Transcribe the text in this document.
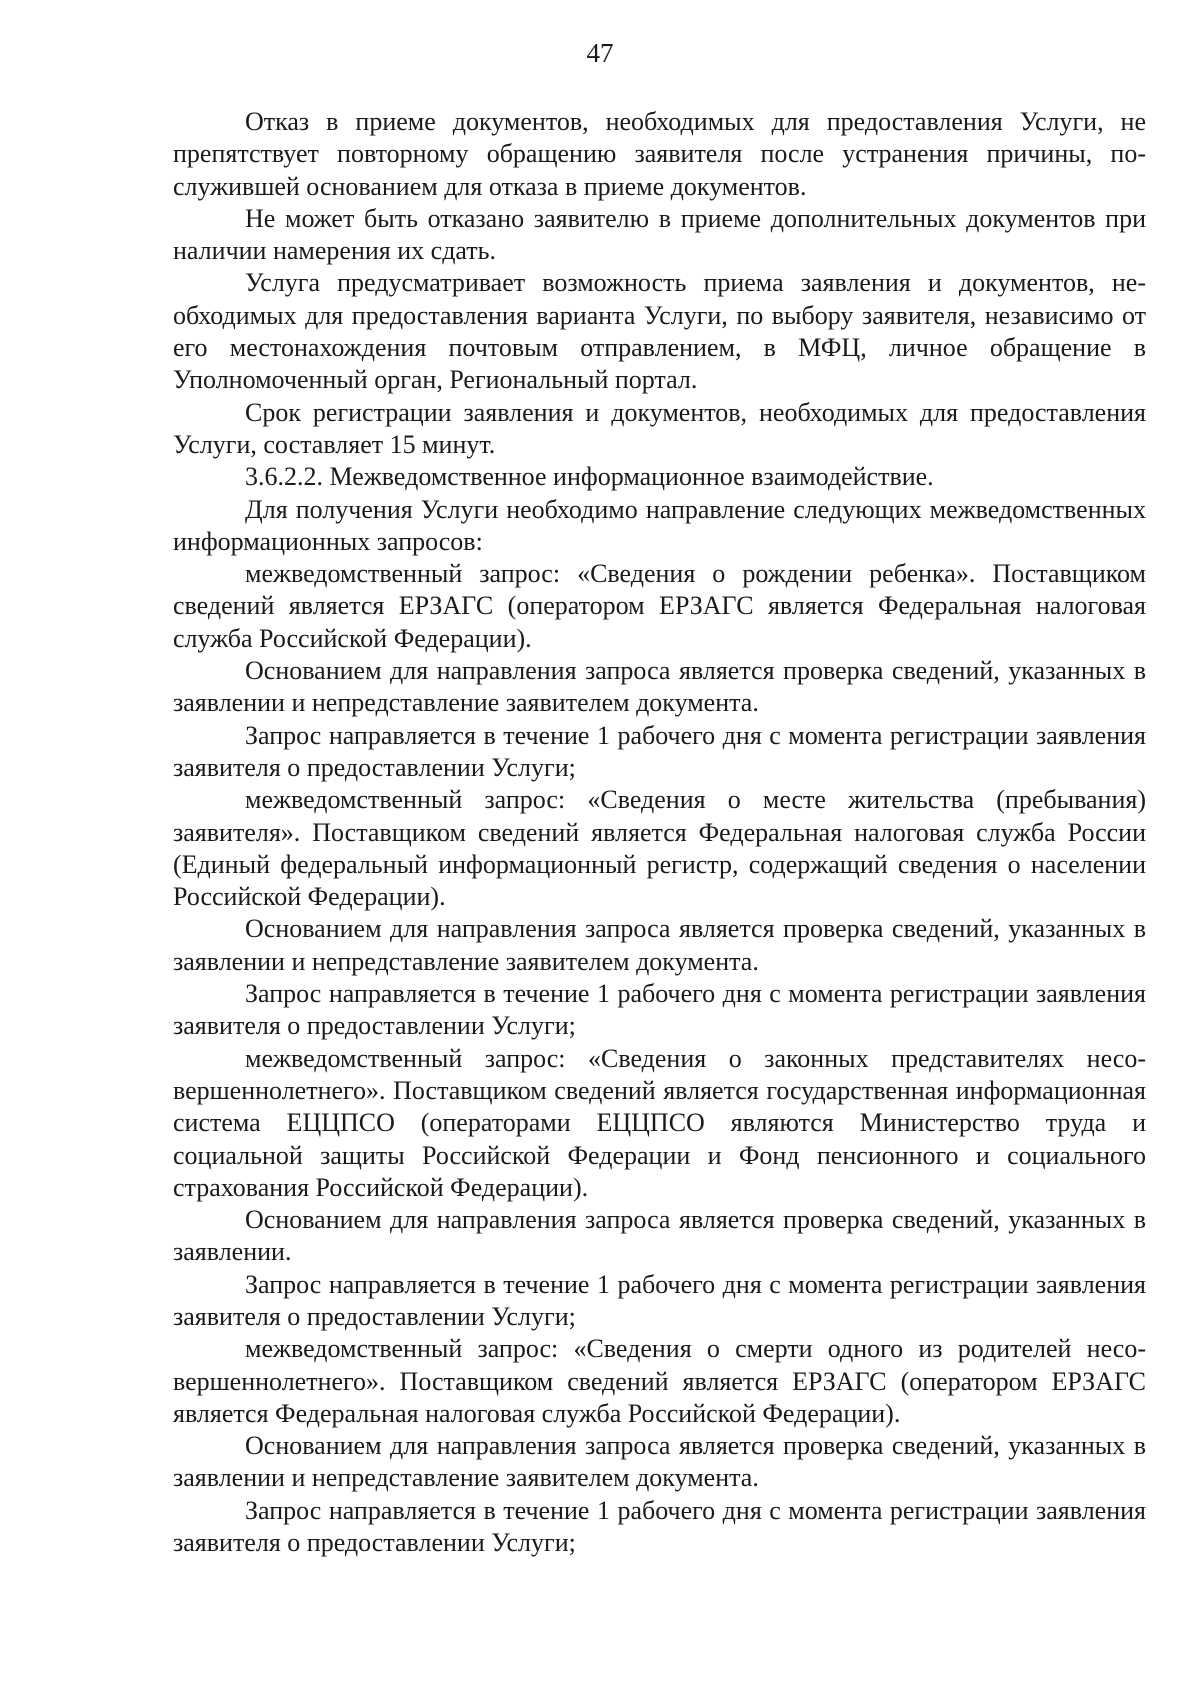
47

Отказ в приеме документов, необходимых для предоставления Услуги, не препятствует повторному обращению заявителя после устранения причины, послужившей основанием для отказа в приеме документов.

Не может быть отказано заявителю в приеме дополнительных документов при наличии намерения их сдать.

Услуга предусматривает возможность приема заявления и документов, необходимых для предоставления варианта Услуги, по выбору заявителя, независимо от его местонахождения почтовым отправлением, в МФЦ, личное обращение в Уполномоченный орган, Региональный портал.

Срок регистрации заявления и документов, необходимых для предоставления Услуги, составляет 15 минут.

3.6.2.2. Межведомственное информационное взаимодействие.

Для получения Услуги необходимо направление следующих межведомственных информационных запросов:

межведомственный запрос: «Сведения о рождении ребенка». Поставщиком сведений является ЕРЗАГС (оператором ЕРЗАГС является Федеральная налоговая служба Российской Федерации).

Основанием для направления запроса является проверка сведений, указанных в заявлении и непредставление заявителем документа.

Запрос направляется в течение 1 рабочего дня с момента регистрации заявления заявителя о предоставлении Услуги;

межведомственный запрос: «Сведения о месте жительства (пребывания) заявителя». Поставщиком сведений является Федеральная налоговая служба России (Единый федеральный информационный регистр, содержащий сведения о населении Российской Федерации).

Основанием для направления запроса является проверка сведений, указанных в заявлении и непредставление заявителем документа.

Запрос направляется в течение 1 рабочего дня с момента регистрации заявления заявителя о предоставлении Услуги;

межведомственный запрос: «Сведения о законных представителях несовершеннолетнего». Поставщиком сведений является государственная информационная система ЕЦЦПСО (операторами ЕЦЦПСО являются Министерство труда и социальной защиты Российской Федерации и Фонд пенсионного и социального страхования Российской Федерации).

Основанием для направления запроса является проверка сведений, указанных в заявлении.

Запрос направляется в течение 1 рабочего дня с момента регистрации заявления заявителя о предоставлении Услуги;

межведомственный запрос: «Сведения о смерти одного из родителей несовершеннолетнего». Поставщиком сведений является ЕРЗАГС (оператором ЕРЗАГС является Федеральная налоговая служба Российской Федерации).

Основанием для направления запроса является проверка сведений, указанных в заявлении и непредставление заявителем документа.

Запрос направляется в течение 1 рабочего дня с момента регистрации заявления заявителя о предоставлении Услуги;
